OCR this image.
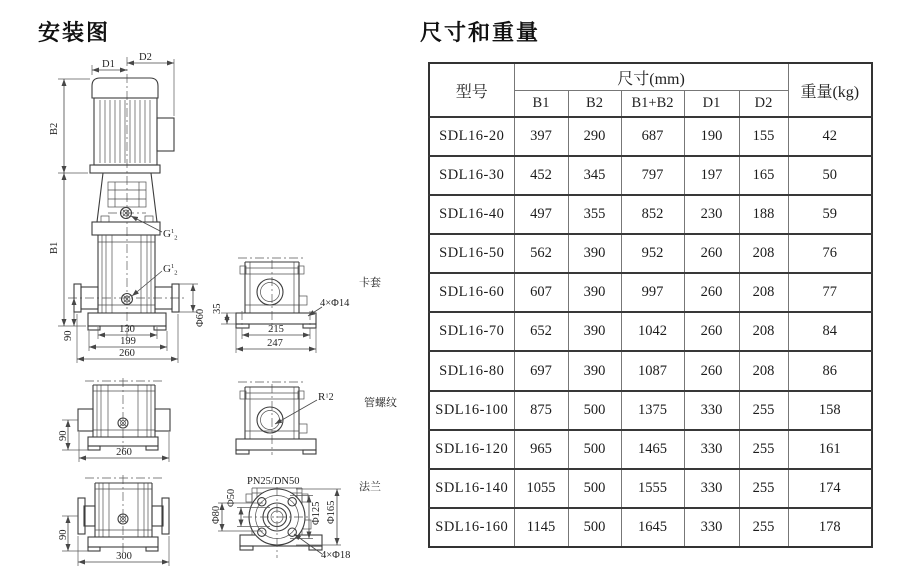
安装图	尺寸和重量
D1
D2
B2
B1
90
Φ60
130
199
260
$G^1_2$
$G^1_2$
35
215
247
4×Φ14
卡套
90
260
$R^12$	管螺纹
90
300
PN25/DN50
Φ50
Φ80	Φ125 Φ165
4×Φ18
法兰
型号	尺寸(mm)					重量(kg)
	B1	B2	B1+B2	D1	D2	
SDL16-20	397	290	687	190	155	42
SDL16-30	452	345	797	197	165	50
SDL16-40	497	355	852	230	188	59
SDL16-50	562	390	952	260	208	76
SDL16-60	607	390	997	260	208	77
SDL16-70	652	390	1042	260	208	84
SDL16-80	697	390	1087	260	208	86
SDL16-100	875	500	1375	330	255	158
SDL16-120	965	500	1465	330	255	161
SDL16-140	1055	500	1555	330	255	174
SDL16-160	1145	500	1645	330	255	178
